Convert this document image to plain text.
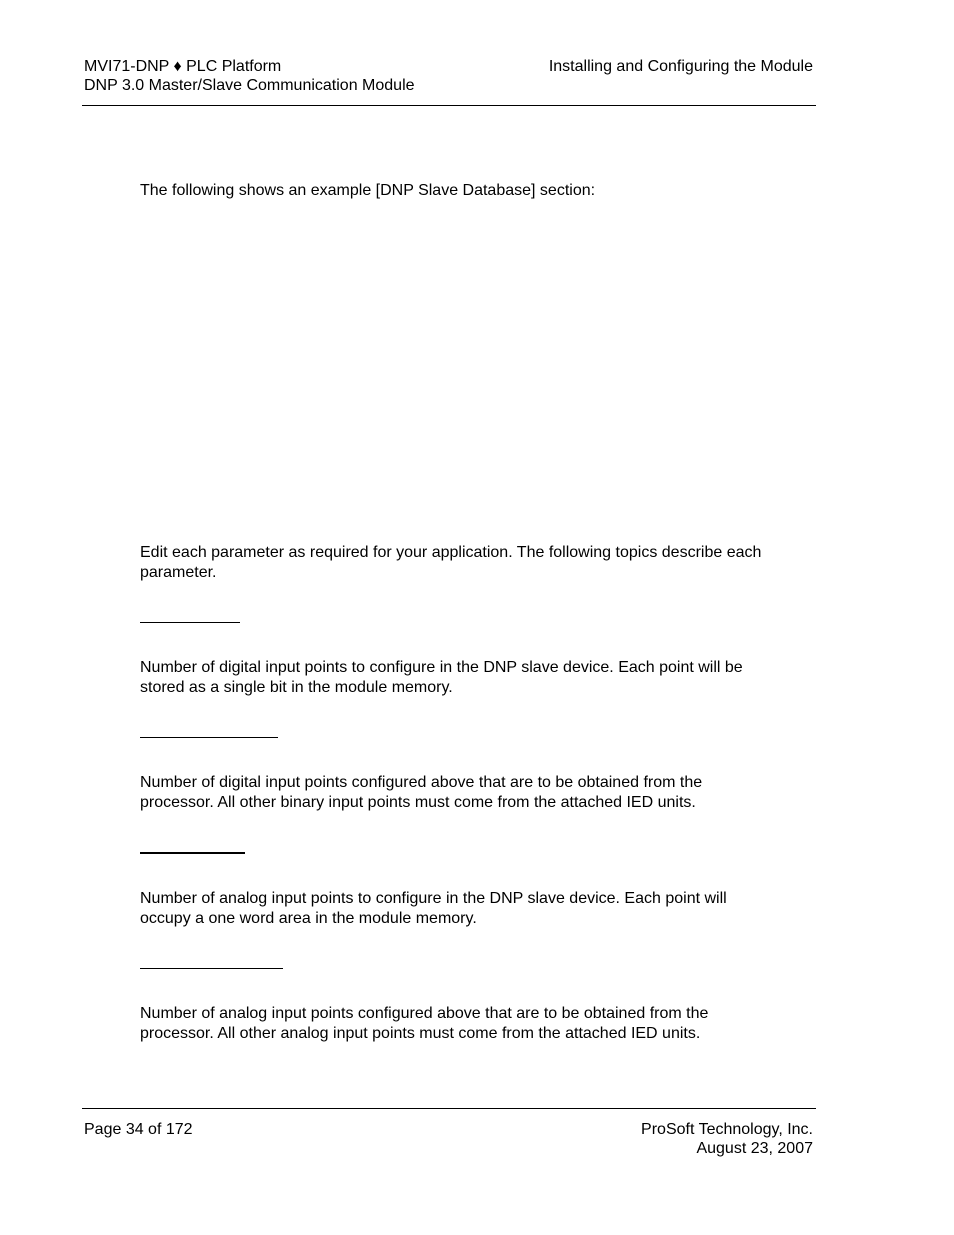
MVI71-DNP ♦ PLC Platform
DNP 3.0 Master/Slave Communication Module
Installing and Configuring the Module
The following shows an example [DNP Slave Database] section:
Edit each parameter as required for your application. The following topics describe each parameter.
Number of digital input points to configure in the DNP slave device. Each point will be stored as a single bit in the module memory.
Number of digital input points configured above that are to be obtained from the processor. All other binary input points must come from the attached IED units.
Number of analog input points to configure in the DNP slave device. Each point will occupy a one word area in the module memory.
Number of analog input points configured above that are to be obtained from the processor. All other analog input points must come from the attached IED units.
Page 34 of 172	ProSoft Technology, Inc.
August 23, 2007
